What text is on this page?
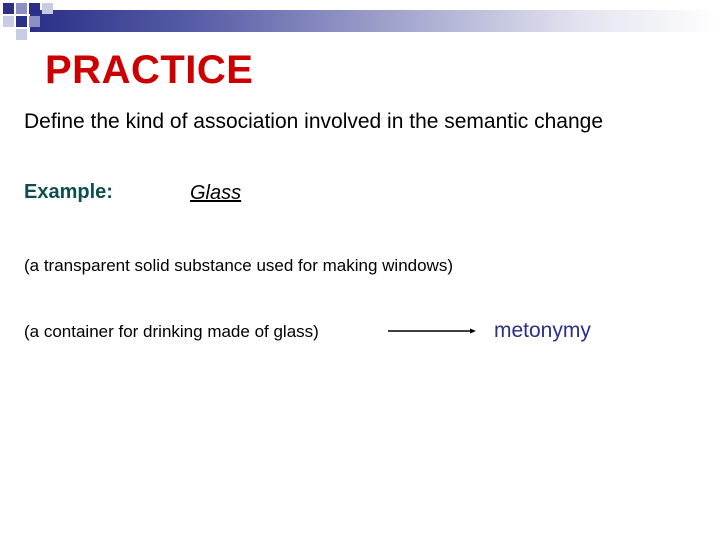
PRACTICE
Define the kind of association involved in the semantic change
Example:	Glass
(a transparent solid substance used for making windows)
(a container for drinking made of glass)	metonymy
